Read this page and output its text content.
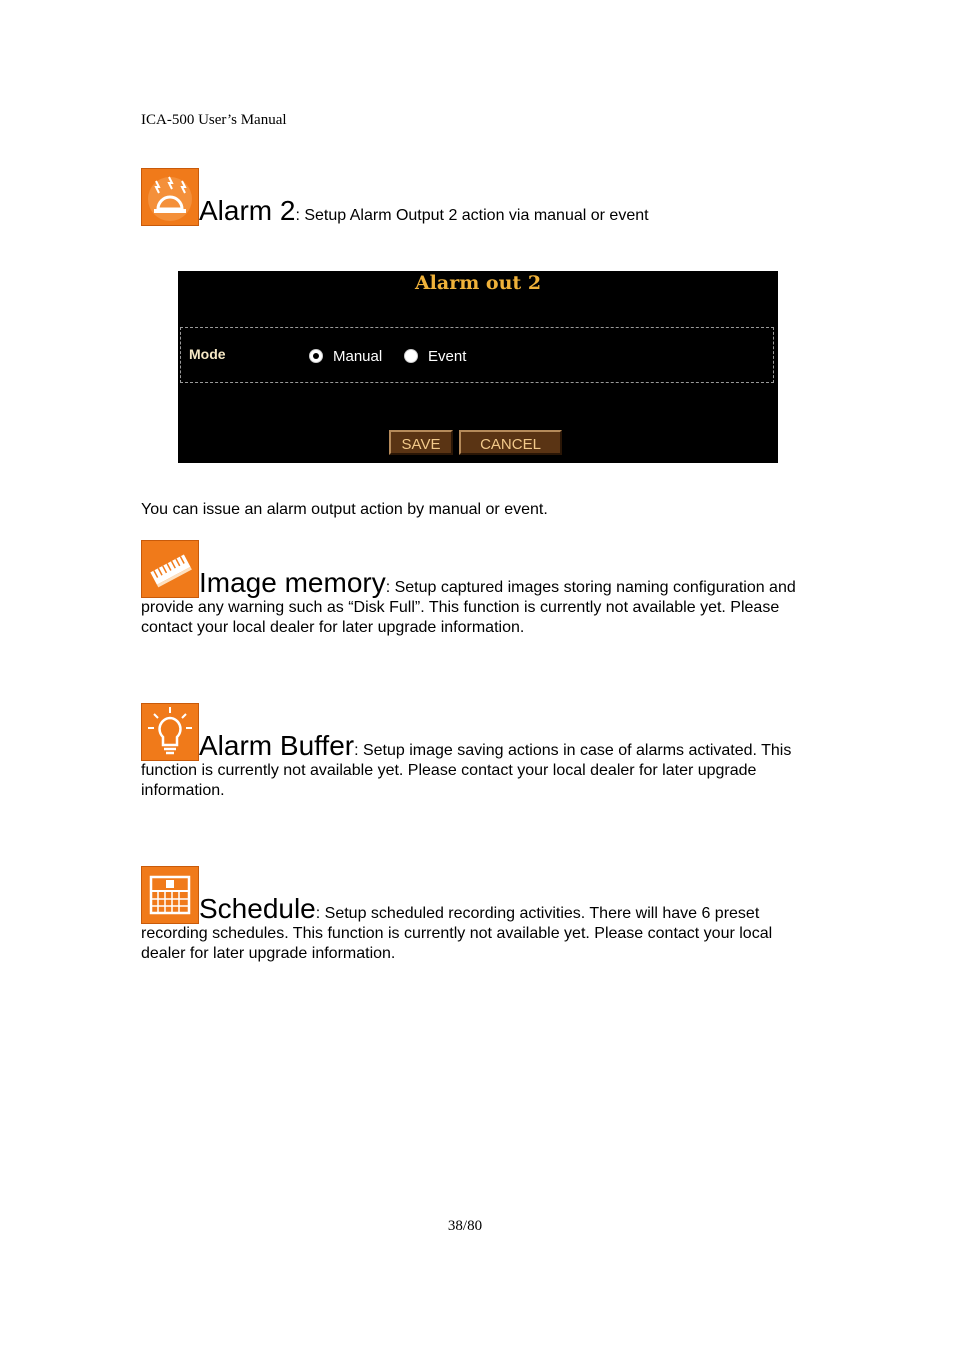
ICA-500 User’s Manual
Alarm 2: Setup Alarm Output 2 action via manual or event
Alarm out 2
Mode	Manual	Event
SAVE	CANCEL
You can issue an alarm output action by manual or event.
Image memory: Setup captured images storing naming configuration and provide any warning such as “Disk Full”. This function is currently not available yet. Please contact your local dealer for later upgrade information.
Alarm Buffer: Setup image saving actions in case of alarms activated. This function is currently not available yet. Please contact your local dealer for later upgrade information.
Schedule: Setup scheduled recording activities. There will have 6 preset recording schedules. This function is currently not available yet. Please contact your local dealer for later upgrade information.
38/80
